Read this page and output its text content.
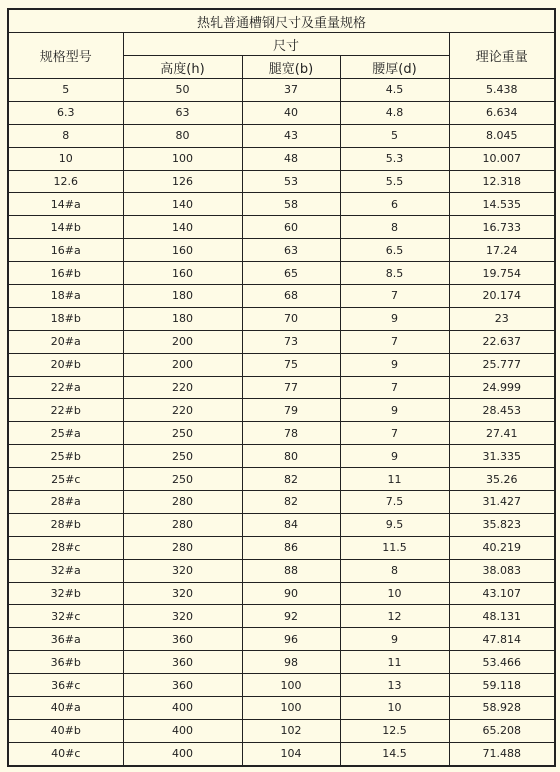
热轧普通槽钢尺寸及重量规格				
规格型号	尺寸			理论重量
	高度(h)	腿宽(b)	腰厚(d)	
5	50	37	4.5	5.438
6.3	63	40	4.8	6.634
8	80	43	5	8.045
10	100	48	5.3	10.007
12.6	126	53	5.5	12.318
14#a	140	58	6	14.535
14#b	140	60	8	16.733
16#a	160	63	6.5	17.24
16#b	160	65	8.5	19.754
18#a	180	68	7	20.174
18#b	180	70	9	23
20#a	200	73	7	22.637
20#b	200	75	9	25.777
22#a	220	77	7	24.999
22#b	220	79	9	28.453
25#a	250	78	7	27.41
25#b	250	80	9	31.335
25#c	250	82	11	35.26
28#a	280	82	7.5	31.427
28#b	280	84	9.5	35.823
28#c	280	86	11.5	40.219
32#a	320	88	8	38.083
32#b	320	90	10	43.107
32#c	320	92	12	48.131
36#a	360	96	9	47.814
36#b	360	98	11	53.466
36#c	360	100	13	59.118
40#a	400	100	10	58.928
40#b	400	102	12.5	65.208
40#c	400	104	14.5	71.488
